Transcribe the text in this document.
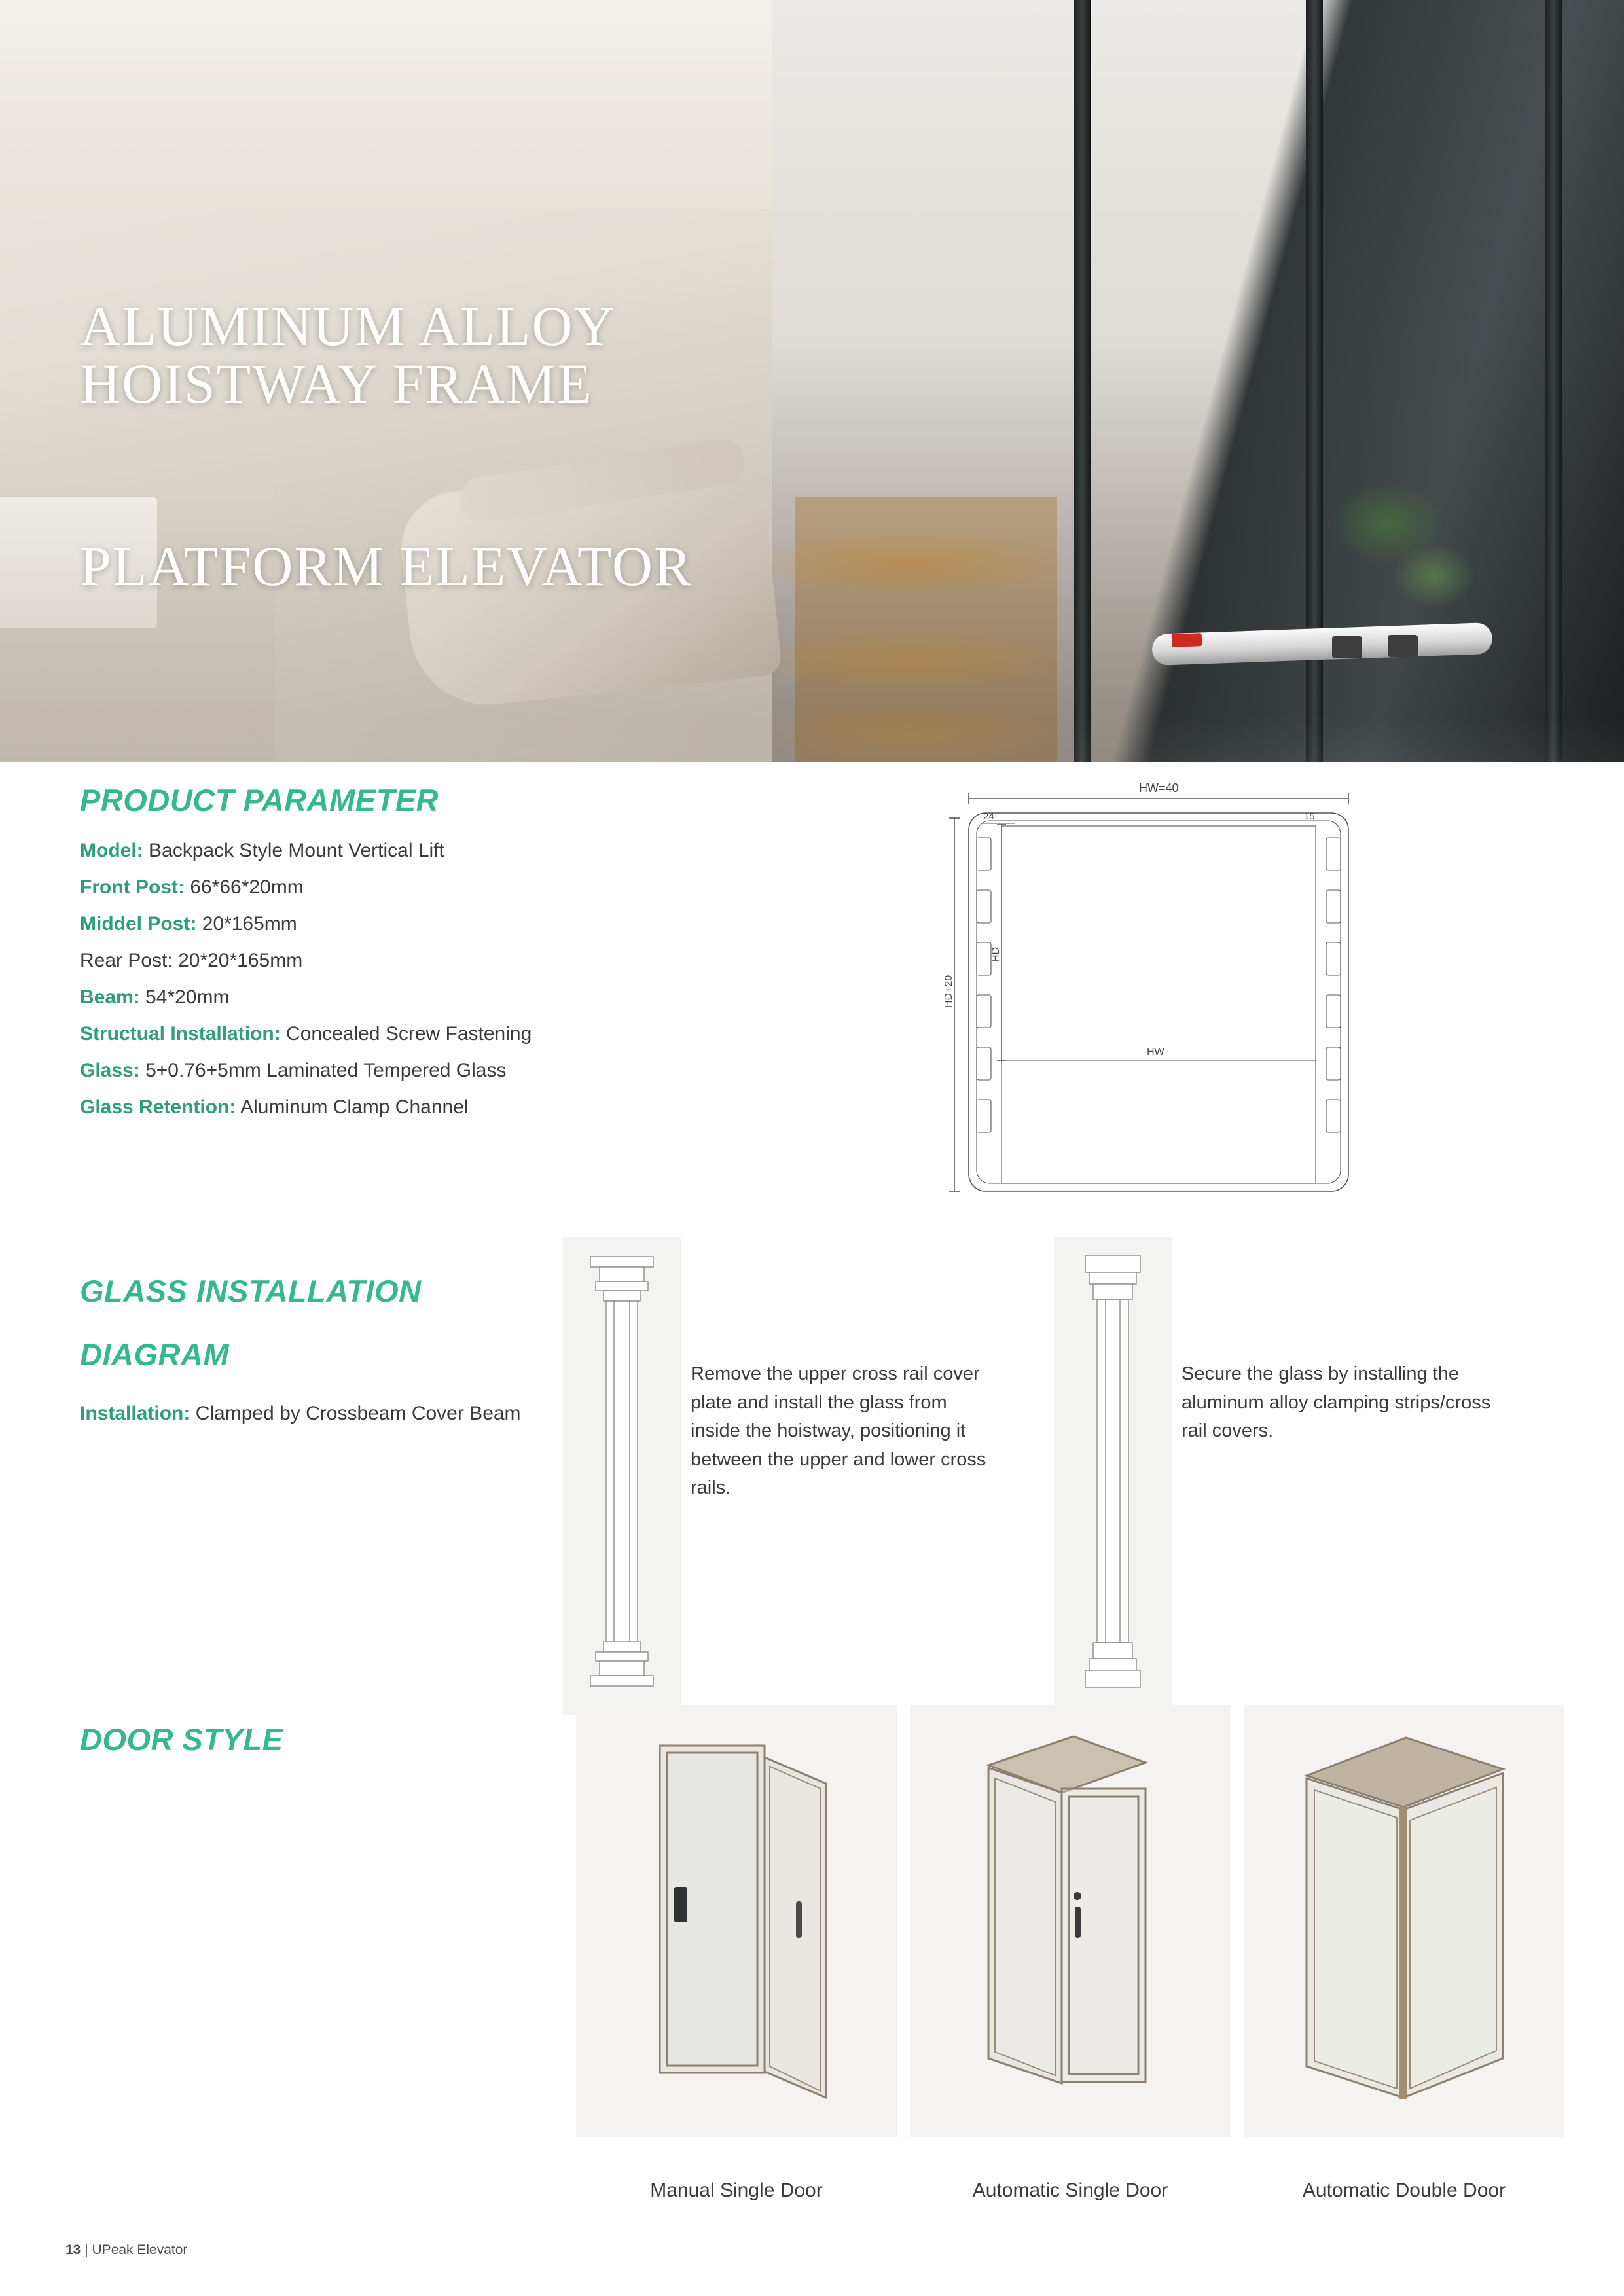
ALUMINUM ALLOY
HOISTWAY FRAME
PLATFORM ELEVATOR
PRODUCT PARAMETER
Model: Backpack Style Mount Vertical Lift
Front Post: 66*66*20mm
Middel Post: 20*165mm
Rear Post: 20*20*165mm
Beam: 54*20mm
Structual Installation: Concealed Screw Fastening
Glass: 5+0.76+5mm Laminated Tempered Glass
Glass Retention: Aluminum Clamp Channel
HW=40
HD+20
HD
24	15
HW
GLASS INSTALLATION
DIAGRAM
Installation: Clamped by Crossbeam Cover Beam
Remove the upper cross rail cover plate and install the glass from inside the hoistway, positioning it between the upper and lower cross rails.
Secure the glass by installing the aluminum alloy clamping strips/cross rail covers.
DOOR STYLE
Manual Single Door	Automatic Single Door	Automatic Double Door
13 | UPeak Elevator
